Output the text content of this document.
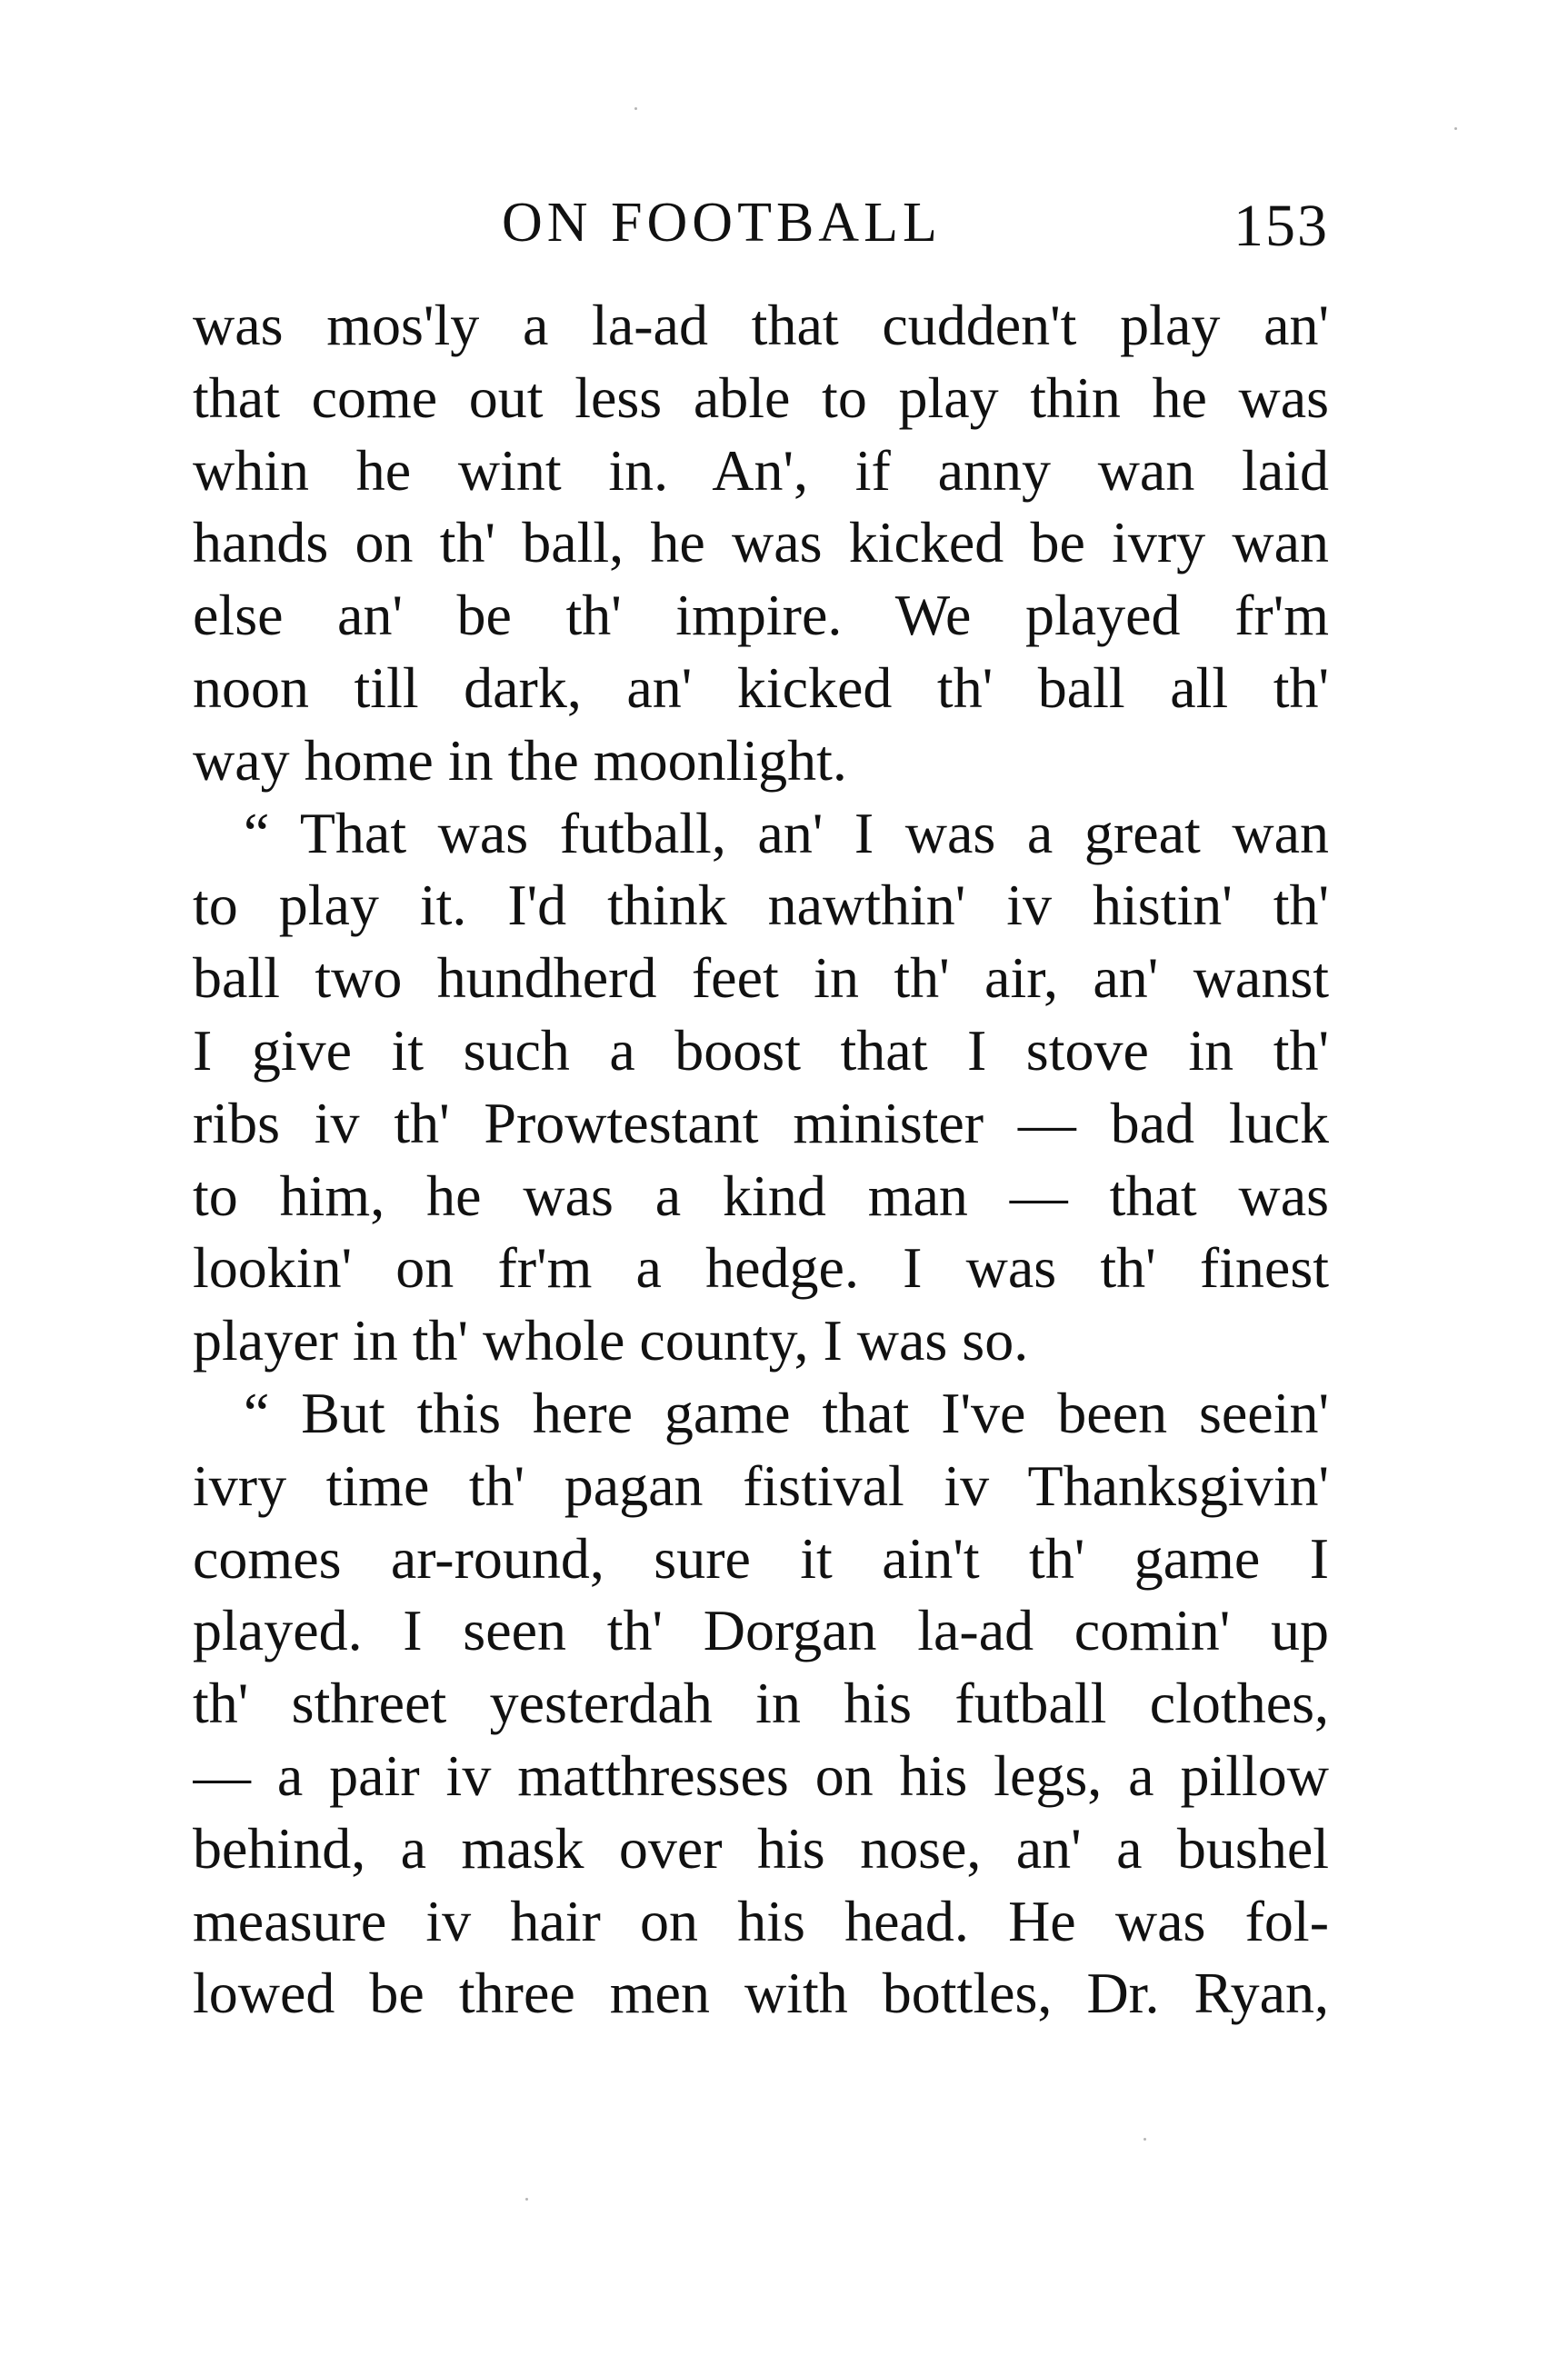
ON FOOTBALL	153
was mos'ly a la-ad that cudden't play an'
that come out less able to play thin he was
whin he wint in. An', if anny wan laid
hands on th' ball, he was kicked be ivry wan
else an' be th' impire. We played fr'm
noon till dark, an' kicked th' ball all th'
way home in the moonlight.
“ That was futball, an' I was a great wan
to play it. I'd think nawthin' iv histin' th'
ball two hundherd feet in th' air, an' wanst
I give it such a boost that I stove in th'
ribs iv th' Prowtestant minister — bad luck
to him, he was a kind man — that was
lookin' on fr'm a hedge. I was th' finest
player in th' whole county, I was so.
“ But this here game that I've been seein'
ivry time th' pagan fistival iv Thanksgivin'
comes ar-round, sure it ain't th' game I
played. I seen th' Dorgan la-ad comin' up
th' sthreet yesterdah in his futball clothes,
— a pair iv matthresses on his legs, a pillow
behind, a mask over his nose, an' a bushel
measure iv hair on his head. He was fol-
lowed be three men with bottles, Dr. Ryan,
